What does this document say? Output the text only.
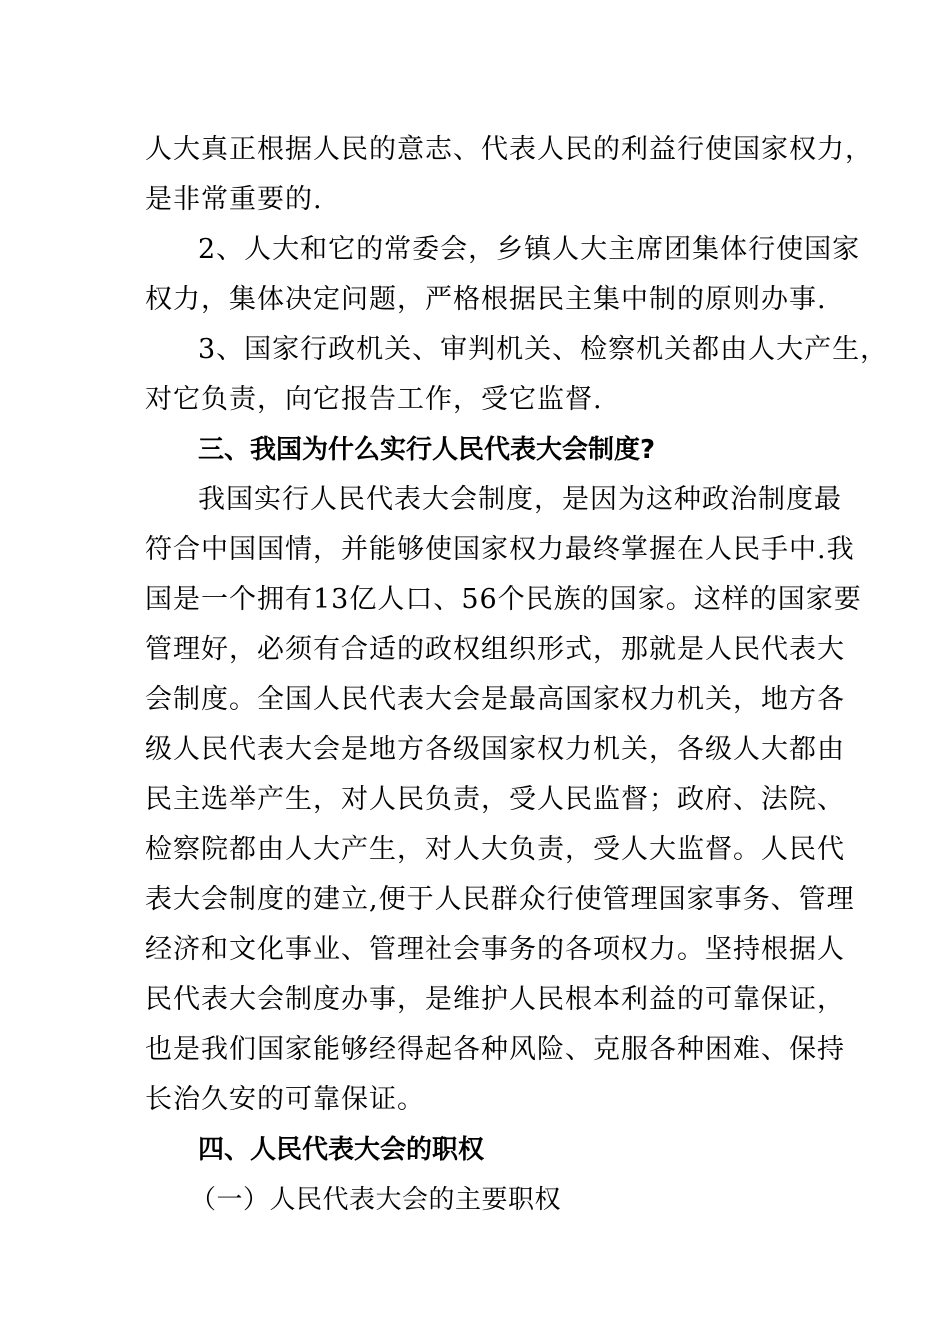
人大真正根据人民的意志、代表人民的利益行使国家权力，
是非常重要的.
2、人大和它的常委会，乡镇人大主席团集体行使国家
权力，集体决定问题，严格根据民主集中制的原则办事.
3、国家行政机关、审判机关、检察机关都由人大产生，
对它负责，向它报告工作，受它监督.
三、我国为什么实行人民代表大会制度?
我国实行人民代表大会制度，是因为这种政治制度最
符合中国国情，并能够使国家权力最终掌握在人民手中.我
国是一个拥有13亿人口、56个民族的国家。这样的国家要
管理好，必须有合适的政权组织形式，那就是人民代表大
会制度。全国人民代表大会是最高国家权力机关，地方各
级人民代表大会是地方各级国家权力机关，各级人大都由
民主选举产生，对人民负责，受人民监督；政府、法院、
检察院都由人大产生，对人大负责，受人大监督。人民代
表大会制度的建立,便于人民群众行使管理国家事务、管理
经济和文化事业、管理社会事务的各项权力。坚持根据人
民代表大会制度办事，是维护人民根本利益的可靠保证，
也是我们国家能够经得起各种风险、克服各种困难、保持
长治久安的可靠保证。
四、人民代表大会的职权
（一）人民代表大会的主要职权
